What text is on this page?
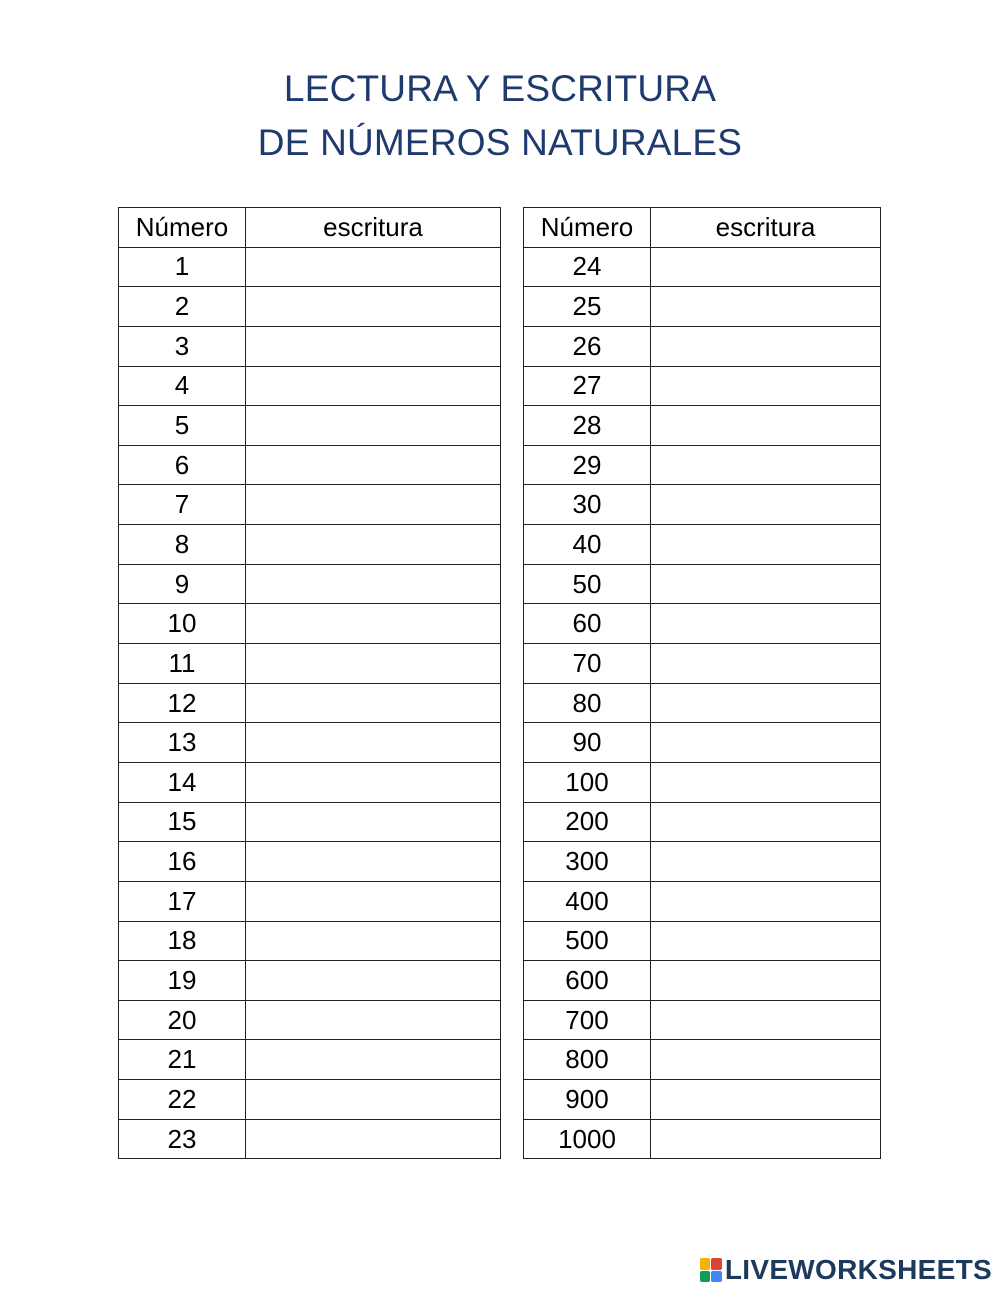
LECTURA Y ESCRITURA
DE NÚMEROS NATURALES
Número	escritura
1	
2	
3	
4	
5	
6	
7	
8	
9	
10	
11	
12	
13	
14	
15	
16	
17	
18	
19	
20	
21	
22	
23	
Número	escritura
24	
25	
26	
27	
28	
29	
30	
40	
50	
60	
70	
80	
90	
100	
200	
300	
400	
500	
600	
700	
800	
900	
1000	
LIVEWORKSHEETS
